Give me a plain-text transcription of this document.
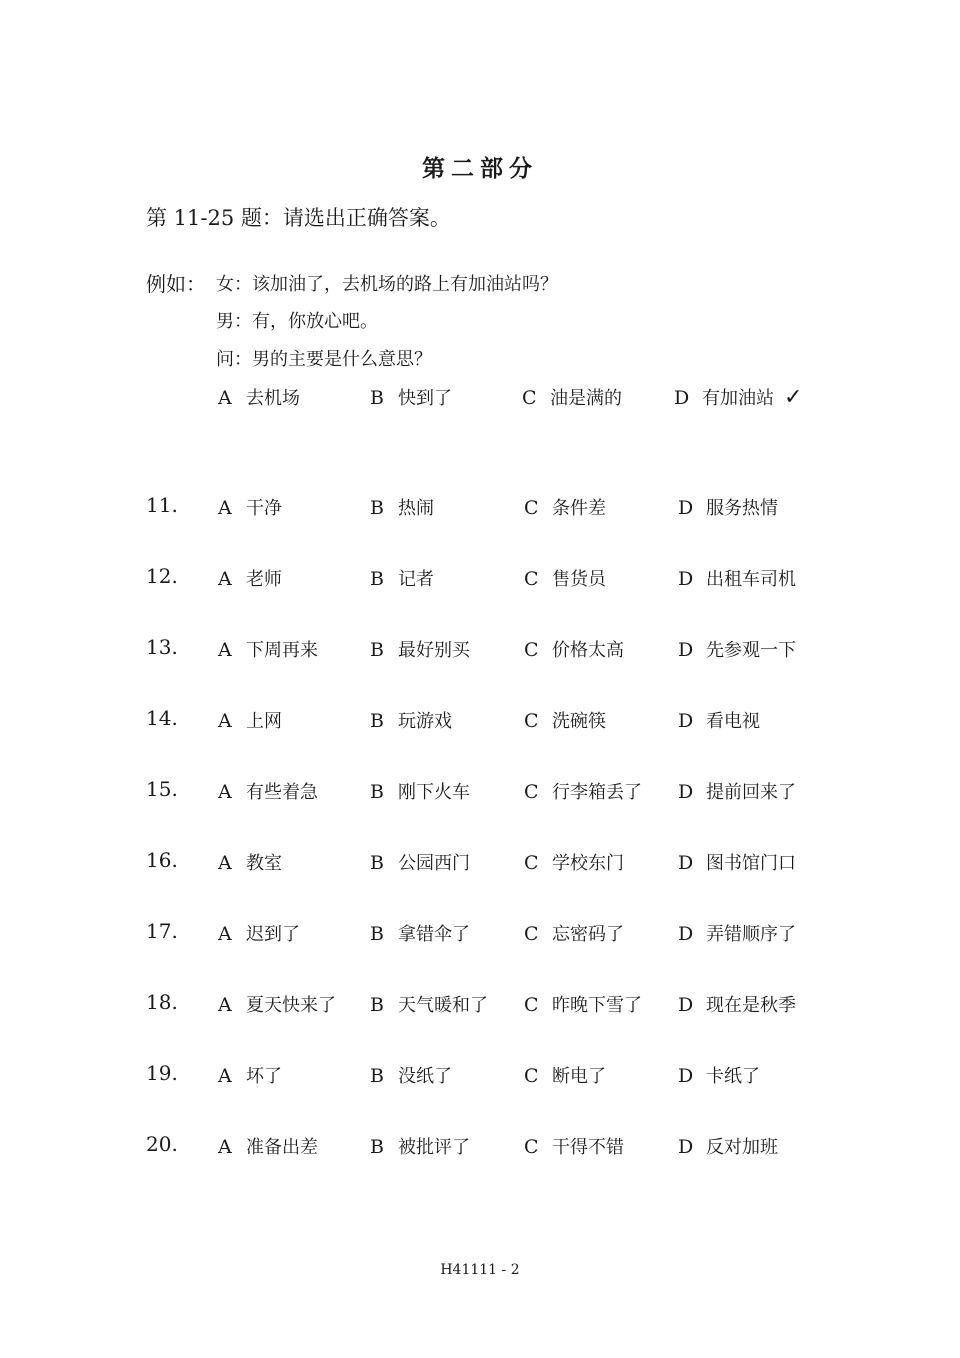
第二部分
第 11-25 题：请选出正确答案。
例如： 女：该加油了，去机场的路上有加油站吗？
男：有，你放心吧。
问：男的主要是什么意思？
A 去机场	B 快到了	C 油是满的	D 有加油站 ✓
11. A 干净	B 热闹	C 条件差	D 服务热情
12. A 老师	B 记者	C 售货员	D 出租车司机
13. A 下周再来	B 最好别买	C 价格太高	D 先参观一下
14. A 上网	B 玩游戏	C 洗碗筷	D 看电视
15. A 有些着急	B 刚下火车	C 行李箱丢了 D 提前回来了
16. A 教室	B 公园西门	C 学校东门	D 图书馆门口
17. A 迟到了	B 拿错伞了	C 忘密码了	D 弄错顺序了
18. A 夏天快来了 B 天气暖和了 C 昨晚下雪了 D 现在是秋季
19. A 坏了	B 没纸了	C 断电了	D 卡纸了
20. A 准备出差	B 被批评了	C 干得不错	D 反对加班
H41111 - 2
